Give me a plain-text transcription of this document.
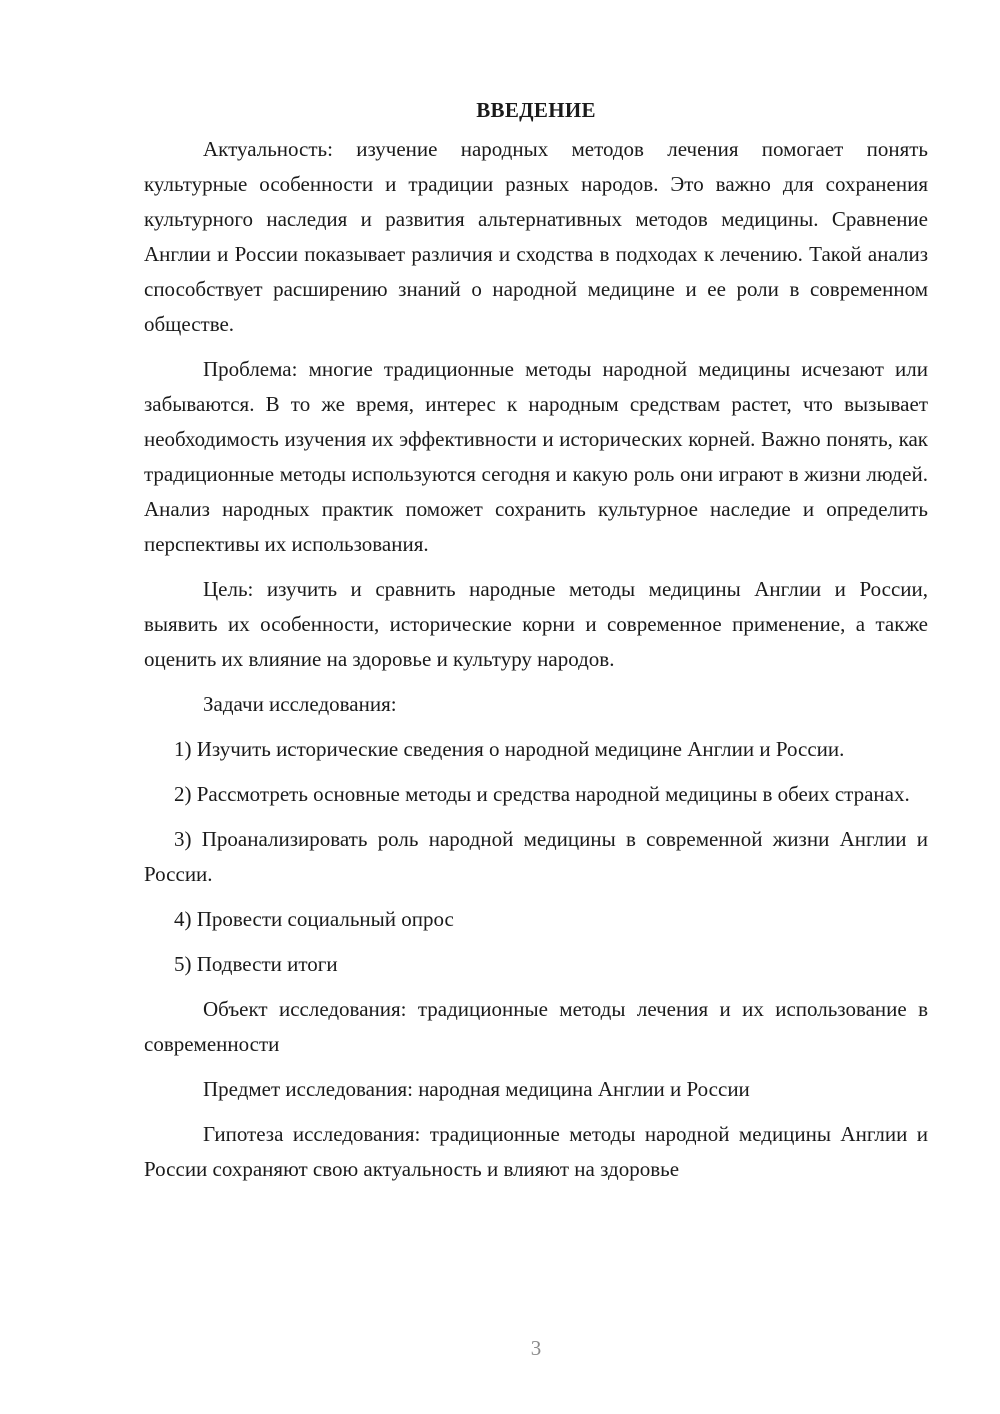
ВВЕДЕНИЕ

Актуальность: изучение народных методов лечения помогает понять культурные особенности и традиции разных народов. Это важно для сохранения культурного наследия и развития альтернативных методов медицины. Сравнение Англии и России показывает различия и сходства в подходах к лечению. Такой анализ способствует расширению знаний о народной медицине и ее роли в современном обществе.

Проблема: многие традиционные методы народной медицины исчезают или забываются. В то же время, интерес к народным средствам растет, что вызывает необходимость изучения их эффективности и исторических корней. Важно понять, как традиционные методы используются сегодня и какую роль они играют в жизни людей. Анализ народных практик поможет сохранить культурное наследие и определить перспективы их использования.

Цель: изучить и сравнить народные методы медицины Англии и России, выявить их особенности, исторические корни и современное применение, а также оценить их влияние на здоровье и культуру народов.

Задачи исследования:

1) Изучить исторические сведения о народной медицине Англии и России.

2) Рассмотреть основные методы и средства народной медицины в обеих странах.

3) Проанализировать роль народной медицины в современной жизни Англии и России.

4) Провести социальный опрос

5) Подвести итоги

Объект исследования: традиционные методы лечения и их использование в современности

Предмет исследования: народная медицина Англии и России

Гипотеза исследования: традиционные методы народной медицины Англии и России сохраняют свою актуальность и влияют на здоровье

3
